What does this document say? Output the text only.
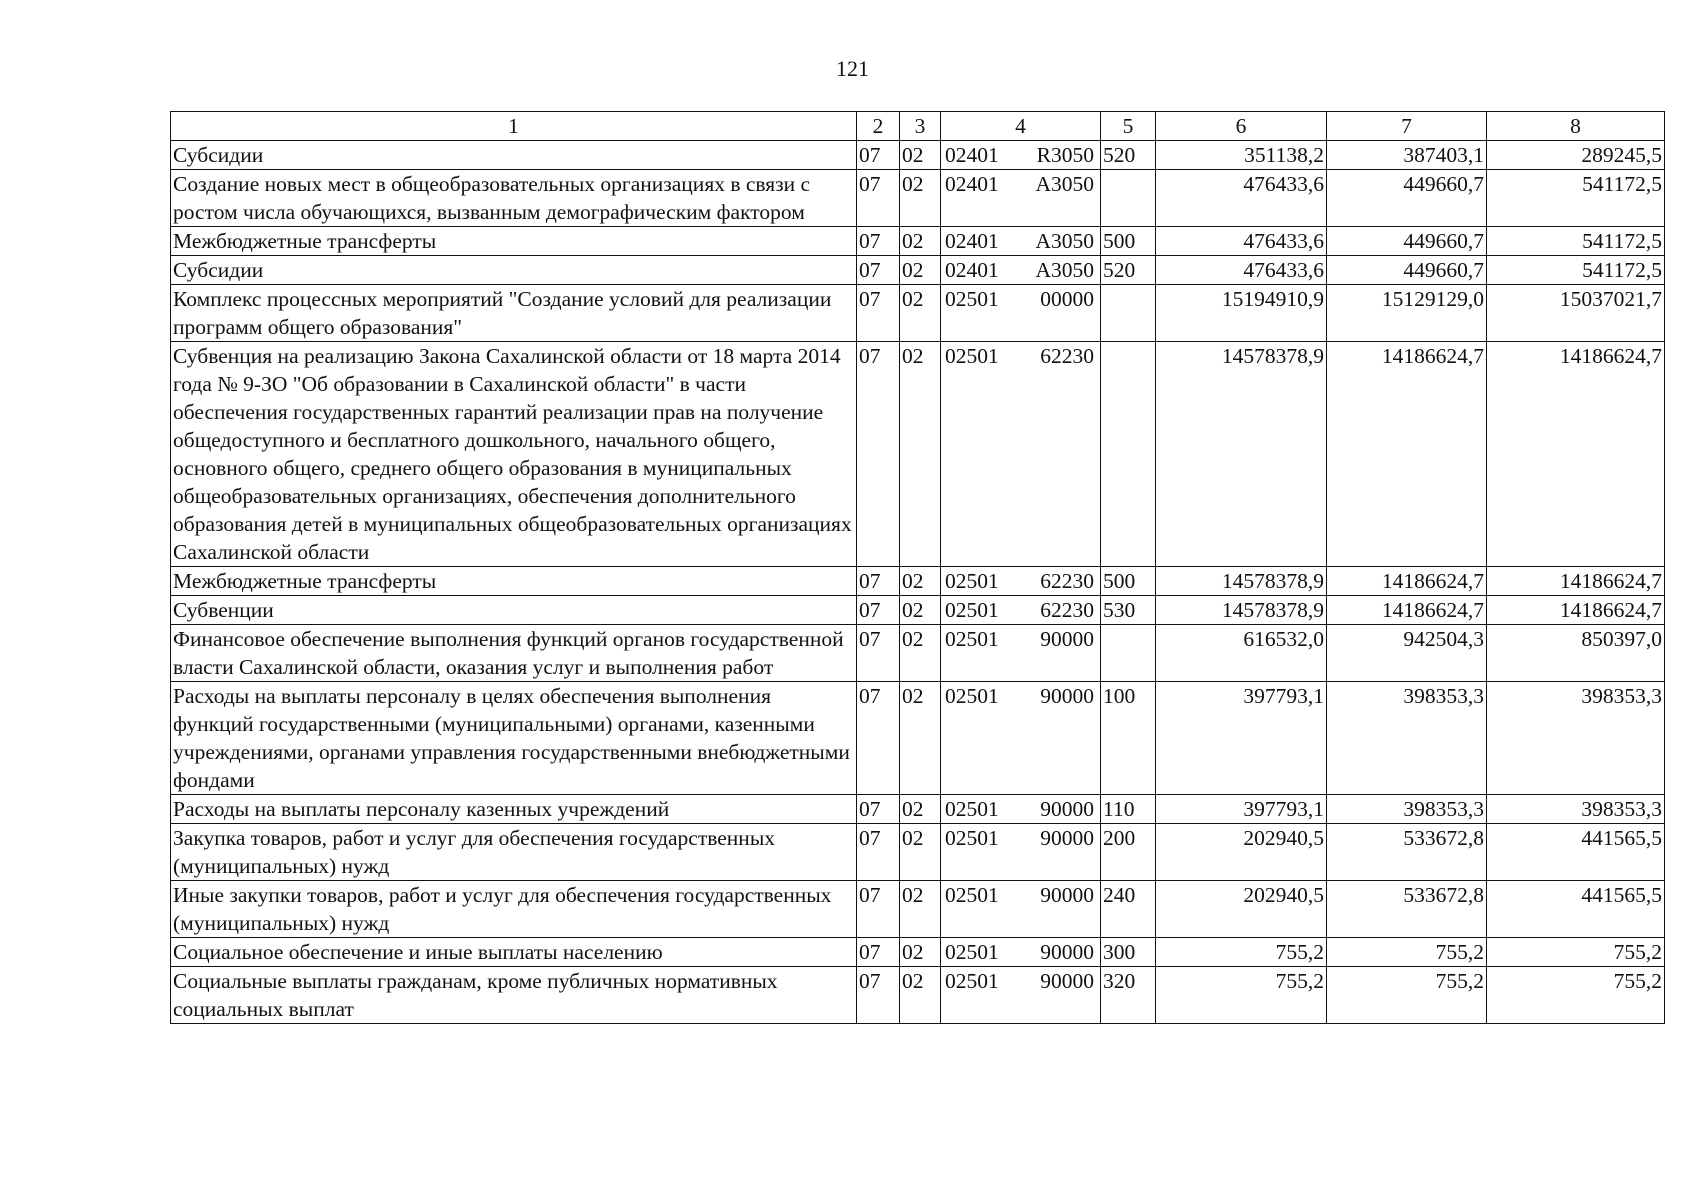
121
1	2	3	4	5	6	7	8
Субсидии	07	02	02401 R3050	520	351138,2	387403,1	289245,5
Создание новых мест в общеобразовательных организациях в связи с ростом числа обучающихся, вызванным демографическим фактором	07	02	02401 А3050		476433,6	449660,7	541172,5
Межбюджетные трансферты	07	02	02401 А3050	500	476433,6	449660,7	541172,5
Субсидии	07	02	02401 А3050	520	476433,6	449660,7	541172,5
Комплекс процессных мероприятий "Создание условий для реализации программ общего образования"	07	02	02501 00000		15194910,9	15129129,0	15037021,7
Субвенция на реализацию Закона Сахалинской области от 18 марта 2014 года № 9-ЗО "Об образовании в Сахалинской области" в части обеспечения государственных гарантий реализации прав на получение общедоступного и бесплатного дошкольного, начального общего, основного общего, среднего общего образования в муниципальных общеобразовательных организациях, обеспечения дополнительного образования детей в муниципальных общеобразовательных организациях Сахалинской области	07	02	02501 62230		14578378,9	14186624,7	14186624,7
Межбюджетные трансферты	07	02	02501 62230	500	14578378,9	14186624,7	14186624,7
Субвенции	07	02	02501 62230	530	14578378,9	14186624,7	14186624,7
Финансовое обеспечение выполнения функций органов государственной власти Сахалинской области, оказания услуг и выполнения работ	07	02	02501 90000		616532,0	942504,3	850397,0
Расходы на выплаты персоналу в целях обеспечения выполнения функций государственными (муниципальными) органами, казенными учреждениями, органами управления государственными внебюджетными фондами	07	02	02501 90000	100	397793,1	398353,3	398353,3
Расходы на выплаты персоналу казенных учреждений	07	02	02501 90000	110	397793,1	398353,3	398353,3
Закупка товаров, работ и услуг для обеспечения государственных (муниципальных) нужд	07	02	02501 90000	200	202940,5	533672,8	441565,5
Иные закупки товаров, работ и услуг для обеспечения государственных (муниципальных) нужд	07	02	02501 90000	240	202940,5	533672,8	441565,5
Социальное обеспечение и иные выплаты населению	07	02	02501 90000	300	755,2	755,2	755,2
Социальные выплаты гражданам, кроме публичных нормативных социальных выплат	07	02	02501 90000	320	755,2	755,2	755,2
